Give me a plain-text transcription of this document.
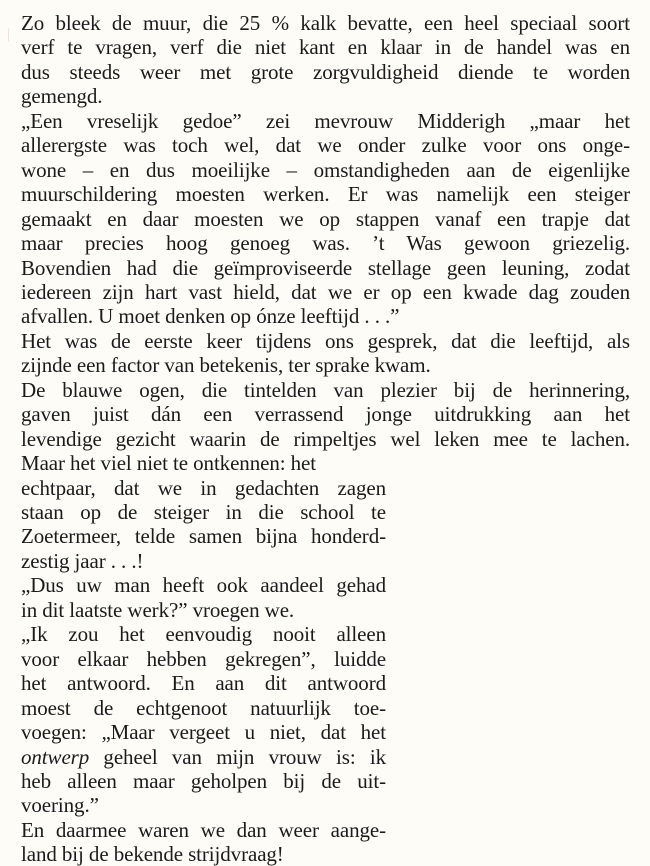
Zo bleek de muur, die 25 % kalk bevatte, een heel speciaal soort
verf te vragen, verf die niet kant en klaar in de handel was en
dus steeds weer met grote zorgvuldigheid diende te worden
gemengd.
„Een vreselijk gedoe” zei mevrouw Midderigh „maar het
allerergste was toch wel, dat we onder zulke voor ons onge-
wone – en dus moeilijke – omstandigheden aan de eigenlijke
muurschildering moesten werken. Er was namelijk een steiger
gemaakt en daar moesten we op stappen vanaf een trapje dat
maar precies hoog genoeg was. ’t Was gewoon griezelig.
Bovendien had die geïmproviseerde stellage geen leuning, zodat
iedereen zijn hart vast hield, dat we er op een kwade dag zouden
afvallen. U moet denken op ónze leeftijd . . .”
Het was de eerste keer tijdens ons gesprek, dat die leeftijd, als
zijnde een factor van betekenis, ter sprake kwam.
De blauwe ogen, die tintelden van plezier bij de herinnering,
gaven juist dán een verrassend jonge uitdrukking aan het
levendige gezicht waarin de rimpeltjes wel leken mee te lachen.
Maar het viel niet te ontkennen: het
echtpaar, dat we in gedachten zagen
staan op de steiger in die school te
Zoetermeer, telde samen bijna honderd-
zestig jaar . . .!
„Dus uw man heeft ook aandeel gehad
in dit laatste werk?” vroegen we.
„Ik zou het eenvoudig nooit alleen
voor elkaar hebben gekregen”, luidde
het antwoord. En aan dit antwoord
moest de echtgenoot natuurlijk toe-
voegen: „Maar vergeet u niet, dat het
ontwerp geheel van mijn vrouw is: ik
heb alleen maar geholpen bij de uit-
voering.”
En daarmee waren we dan weer aange-
land bij de bekende strijdvraag!
